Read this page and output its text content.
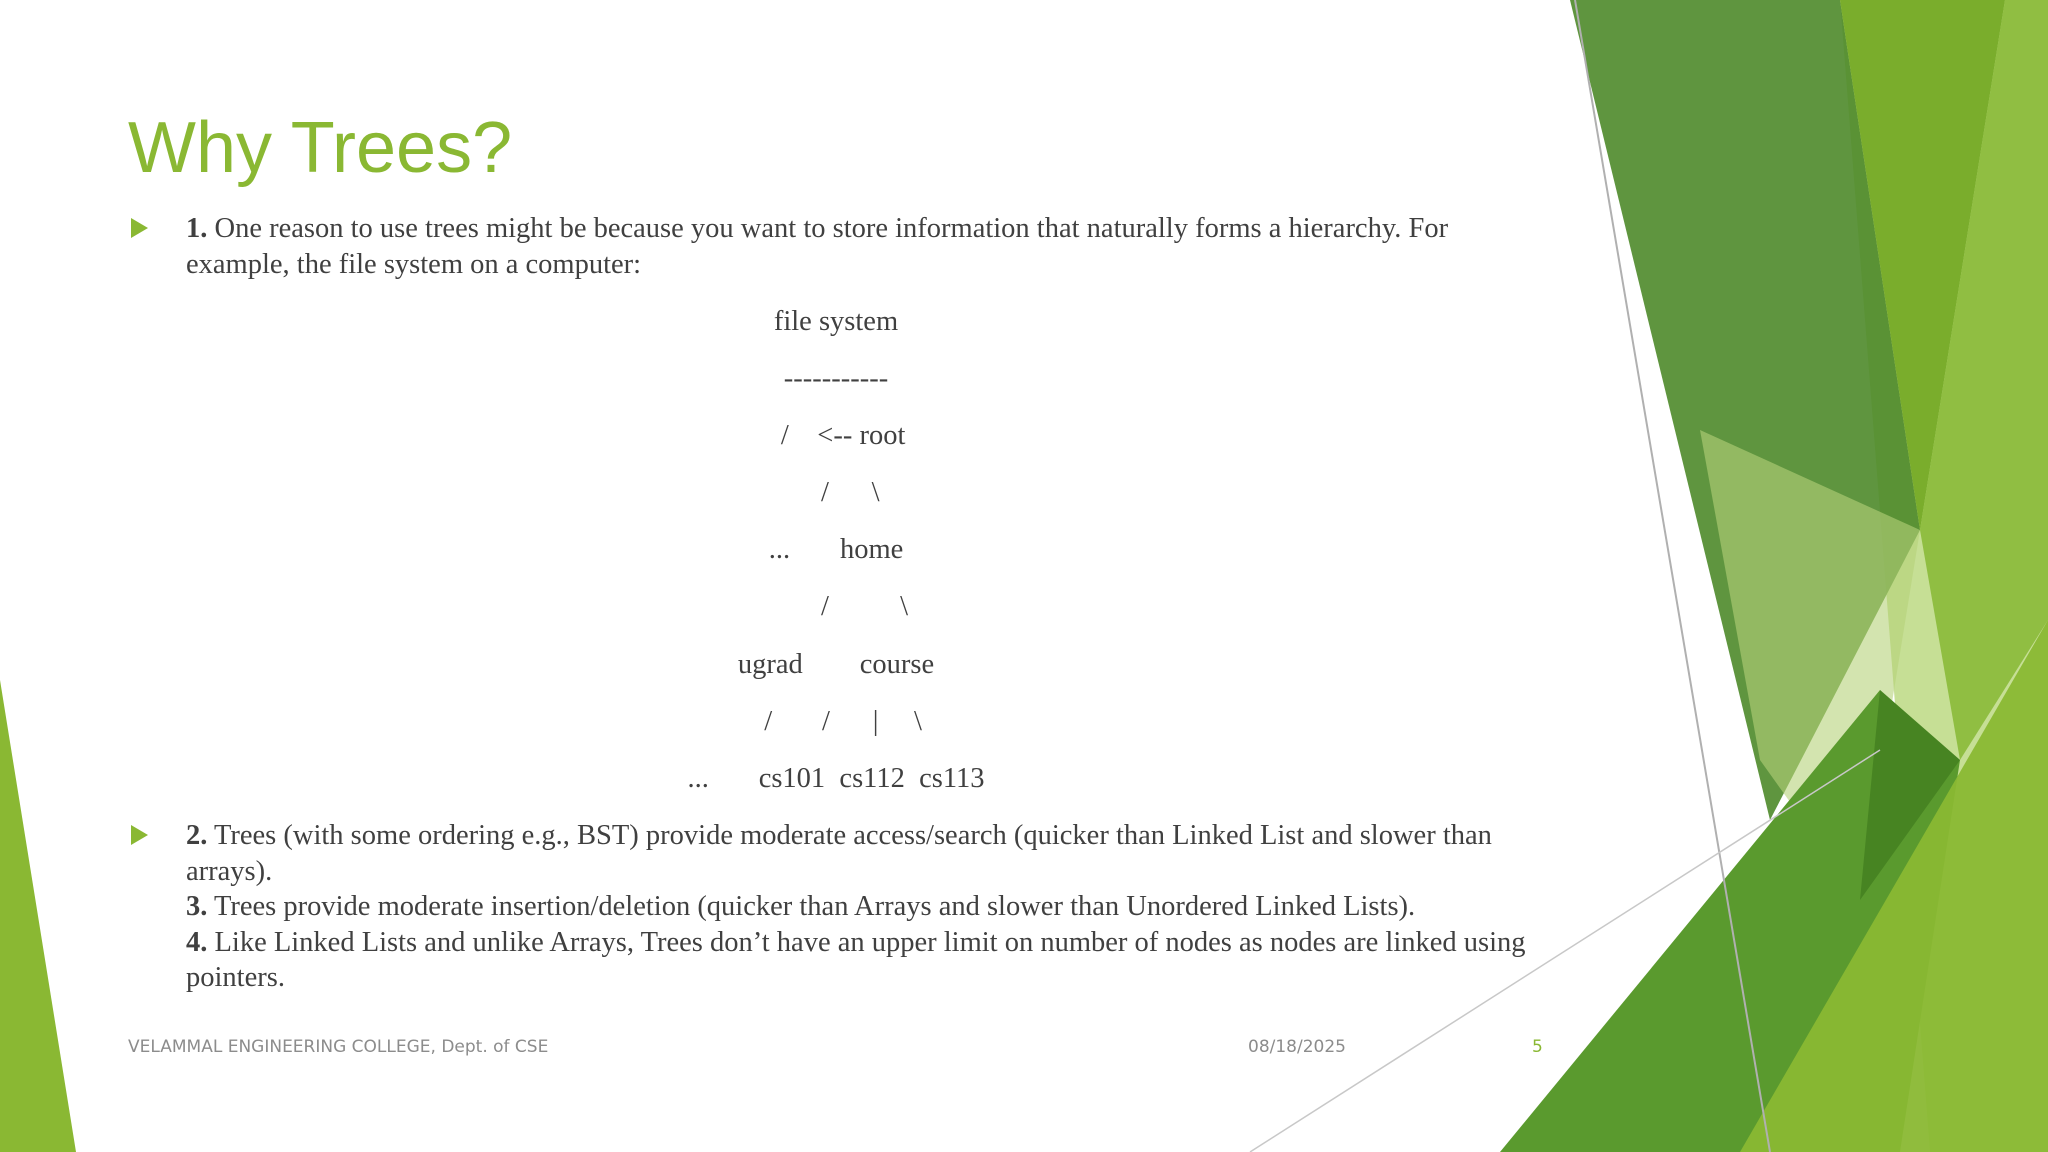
Why Trees?

1. One reason to use trees might be because you want to store information that naturally forms a hierarchy. For example, the file system on a computer:

file system
-----------
/    <-- root
/      \
...       home
/          \
ugrad        course
/       /      |     \
...       cs101  cs112  cs113

2. Trees (with some ordering e.g., BST) provide moderate access/search (quicker than Linked List and slower than arrays).

3. Trees provide moderate insertion/deletion (quicker than Arrays and slower than Unordered Linked Lists).

4. Like Linked Lists and unlike Arrays, Trees don’t have an upper limit on number of nodes as nodes are linked using pointers.

VELAMMAL ENGINEERING COLLEGE, Dept. of CSE	08/18/2025	5
